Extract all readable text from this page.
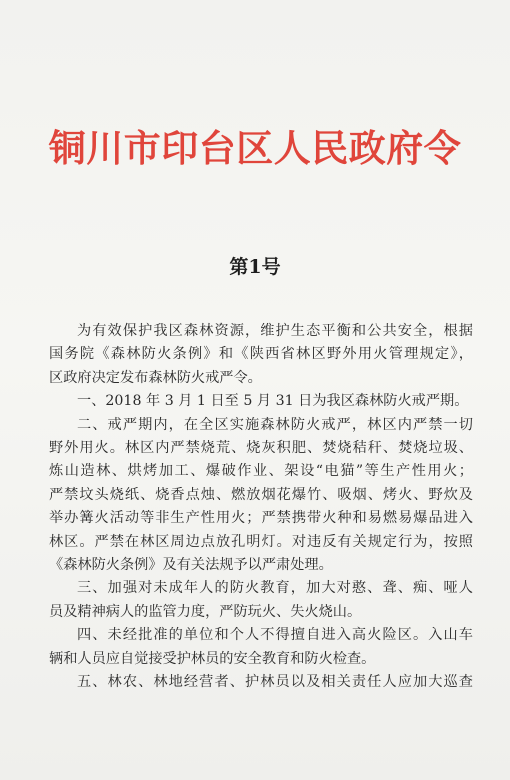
铜川市印台区人民政府令
第1号
为有效保护我区森林资源，维护生态平衡和公共安全，根据
国务院《森林防火条例》和《陕西省林区野外用火管理规定》，
区政府决定发布森林防火戒严令。
一、2018 年 3 月 1 日至 5 月 31 日为我区森林防火戒严期。
二、戒严期内，在全区实施森林防火戒严，林区内严禁一切
野外用火。林区内严禁烧荒、烧灰积肥、焚烧秸秆、焚烧垃圾、
炼山造林、烘烤加工、爆破作业、架设“电猫”等生产性用火；
严禁坟头烧纸、烧香点烛、燃放烟花爆竹、吸烟、烤火、野炊及
举办篝火活动等非生产性用火；严禁携带火种和易燃易爆品进入
林区。严禁在林区周边点放孔明灯。对违反有关规定行为，按照
《森林防火条例》及有关法规予以严肃处理。
三、加强对未成年人的防火教育，加大对憨、聋、痴、哑人
员及精神病人的监管力度，严防玩火、失火烧山。
四、未经批准的单位和个人不得擅自进入高火险区。入山车
辆和人员应自觉接受护林员的安全教育和防火检查。
五、林农、林地经营者、护林员以及相关责任人应加大巡查
